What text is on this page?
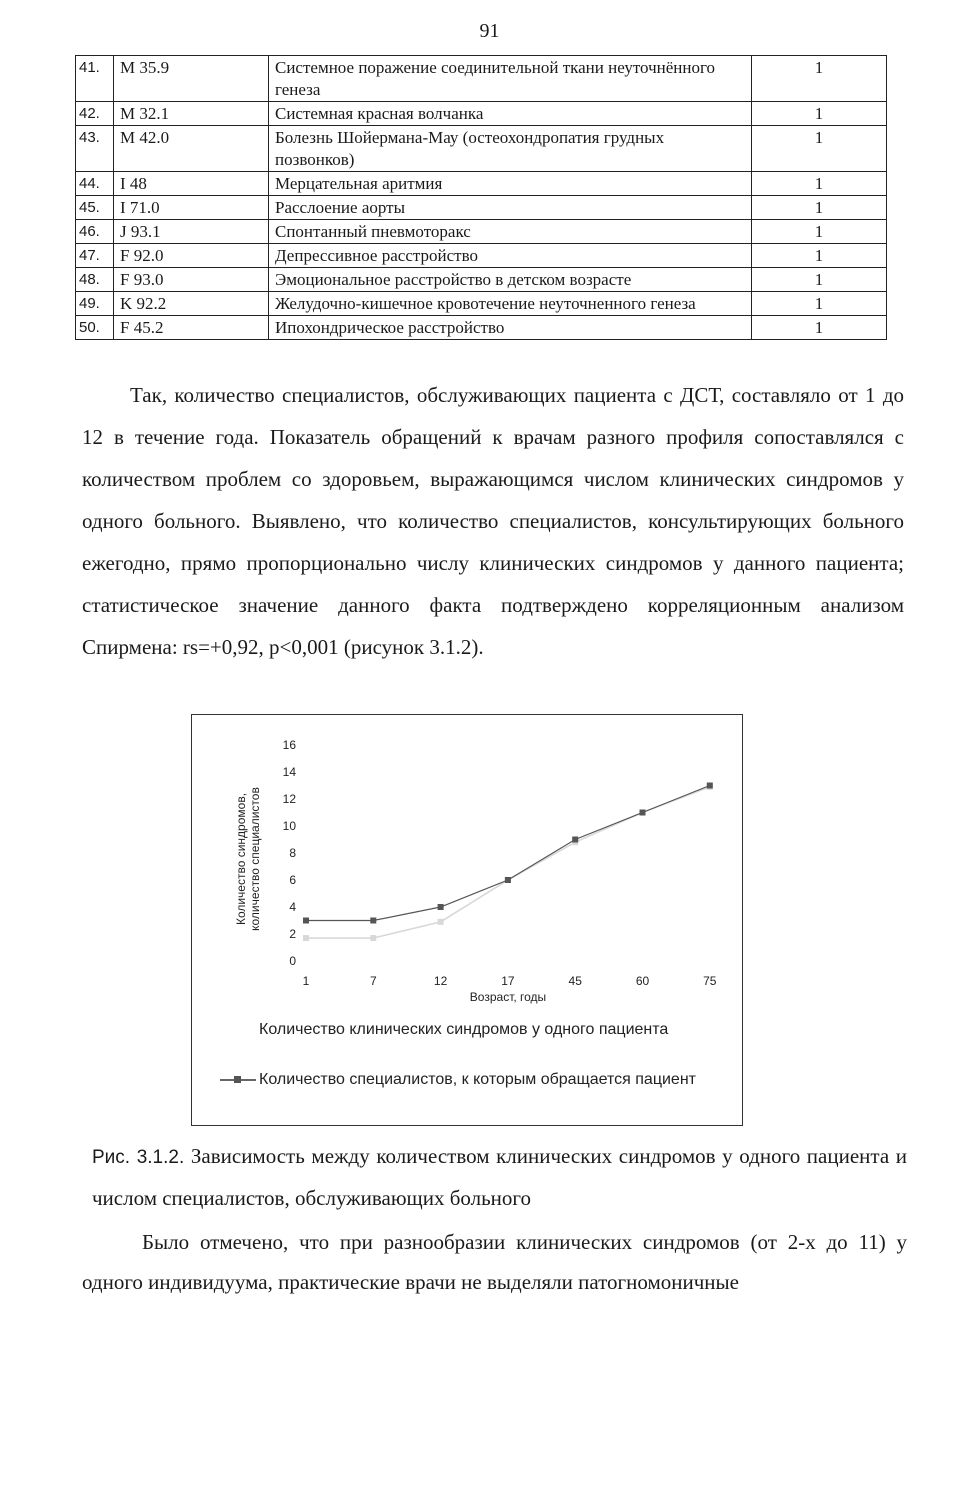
91
41.	M 35.9	Системное поражение соединительной ткани неуточнённого генеза	1
42.	M 32.1	Системная красная волчанка	1
43.	M 42.0	Болезнь Шойермана-Мау (остеохондропатия грудных позвонков)	1
44.	I 48	Мерцательная аритмия	1
45.	I 71.0	Расслоение аорты	1
46.	J 93.1	Спонтанный пневмоторакс	1
47.	F 92.0	Депрессивное расстройство	1
48.	F 93.0	Эмоциональное расстройство в детском возрасте	1
49.	K 92.2	Желудочно-кишечное кровотечение неуточненного генеза	1
50.	F 45.2	Ипохондрическое расстройство	1
Так, количество специалистов, обслуживающих пациента с ДСТ, составляло от 1 до 12 в течение года. Показатель обращений к врачам разного профиля сопоставлялся с количеством проблем со здоровьем, выражающимся числом клинических синдромов у одного больного. Выявлено, что количество специалистов, консультирующих больного ежегодно, прямо пропорционально числу клинических синдромов у данного пациента; статистическое значение данного факта подтверждено корреляционным анализом Спирмена: rs=+0,92, p<0,001 (рисунок 3.1.2).
0
2
4
6
8
10
12
14
16
1	7	12	17	45	60	75
Возраст, годы
Количество синдромов, количество специалистов
Количество клинических синдромов у одного пациента
Количество специалистов, к которым обращается пациент
Рис. 3.1.2. Зависимость между количеством клинических синдромов у одного пациента и числом специалистов, обслуживающих больного
Было отмечено, что при разнообразии клинических синдромов (от 2-х до 11) у одного индивидуума, практические врачи не выделяли патогномоничные
